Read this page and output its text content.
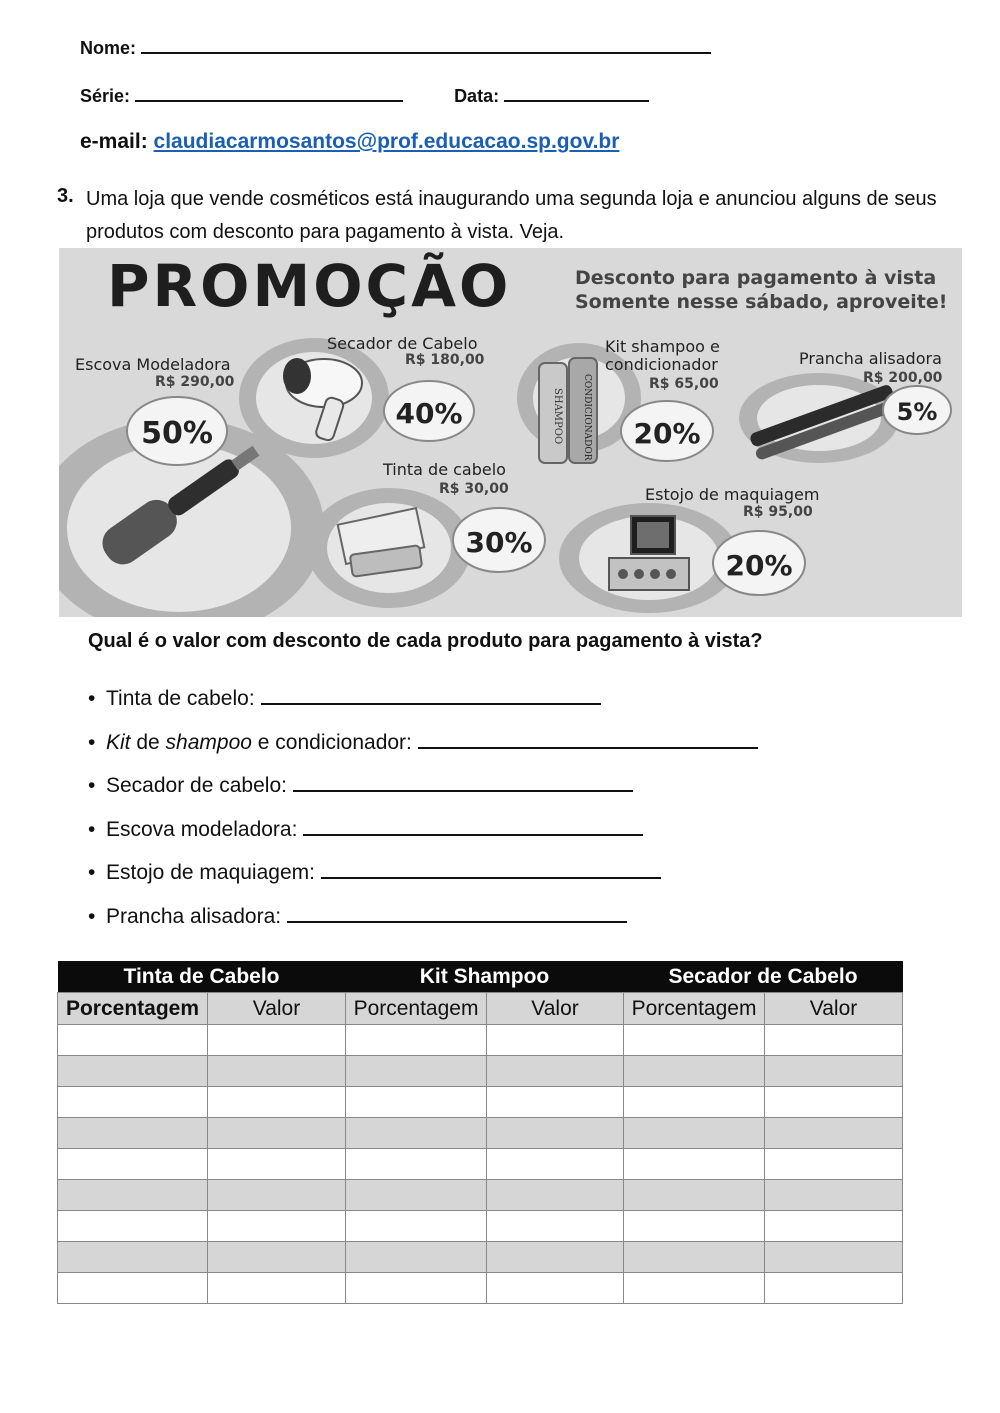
Nome:
Série:	Data:
e-mail: claudiacarmosantos@prof.educacao.sp.gov.br
3. Uma loja que vende cosméticos está inaugurando uma segunda loja e anunciou alguns de seus produtos com desconto para pagamento à vista. Veja.
PROMOÇÃO	Desconto para pagamento à vista
Somente nesse sábado, aproveite!
Escova Modeladora
R$ 290,00
50%
Secador de Cabelo
R$ 180,00
40%
Kit shampoo e
condicionador
R$ 65,00
SHAMPOO CONDICIONADOR 20%
Prancha alisadora
R$ 200,00
5%
Tinta de cabelo
R$ 30,00
30%
Estojo de maquiagem
R$ 95,00
20%
Qual é o valor com desconto de cada produto para pagamento à vista?
• Tinta de cabelo:
• Kit de shampoo e condicionador:
• Secador de cabelo:
• Escova modeladora:
• Estojo de maquiagem:
• Prancha alisadora:
Tinta de Cabelo		Kit Shampoo		Secador de Cabelo	
Porcentagem	Valor	Porcentagem	Valor	Porcentagem	Valor
